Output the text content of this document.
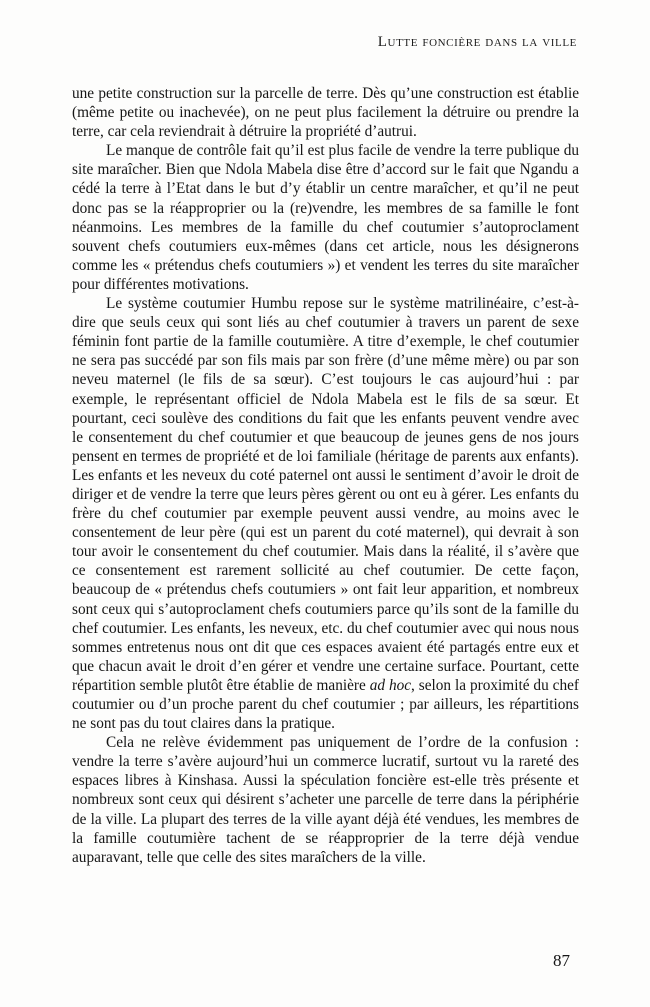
Lutte foncière dans la ville

une petite construction sur la parcelle de terre. Dès qu’une construction est établie (même petite ou inachevée), on ne peut plus facilement la détruire ou prendre la terre, car cela reviendrait à détruire la propriété d’autrui.

Le manque de contrôle fait qu’il est plus facile de vendre la terre publique du site maraîcher. Bien que Ndola Mabela dise être d’accord sur le fait que Ngandu a cédé la terre à l’Etat dans le but d’y établir un centre maraîcher, et qu’il ne peut donc pas se la réapproprier ou la (re)vendre, les membres de sa famille le font néanmoins. Les membres de la famille du chef coutumier s’autoproclament souvent chefs coutumiers eux-mêmes (dans cet article, nous les désignerons comme les « prétendus chefs coutumiers ») et vendent les terres du site maraîcher pour différentes motivations.

Le système coutumier Humbu repose sur le système matrilinéaire, c’est-à-dire que seuls ceux qui sont liés au chef coutumier à travers un parent de sexe féminin font partie de la famille coutumière. A titre d’exemple, le chef coutumier ne sera pas succédé par son fils mais par son frère (d’une même mère) ou par son neveu maternel (le fils de sa sœur). C’est toujours le cas aujourd’hui : par exemple, le représentant officiel de Ndola Mabela est le fils de sa sœur. Et pourtant, ceci soulève des conditions du fait que les enfants peuvent vendre avec le consentement du chef coutumier et que beaucoup de jeunes gens de nos jours pensent en termes de propriété et de loi familiale (héritage de parents aux enfants). Les enfants et les neveux du coté paternel ont aussi le sentiment d’avoir le droit de diriger et de vendre la terre que leurs pères gèrent ou ont eu à gérer. Les enfants du frère du chef coutumier par exemple peuvent aussi vendre, au moins avec le consentement de leur père (qui est un parent du coté maternel), qui devrait à son tour avoir le consentement du chef coutumier. Mais dans la réalité, il s’avère que ce consentement est rarement sollicité au chef coutumier. De cette façon, beaucoup de « prétendus chefs coutumiers » ont fait leur apparition, et nombreux sont ceux qui s’autoproclament chefs coutumiers parce qu’ils sont de la famille du chef coutumier. Les enfants, les neveux, etc. du chef coutumier avec qui nous nous sommes entretenus nous ont dit que ces espaces avaient été partagés entre eux et que chacun avait le droit d’en gérer et vendre une certaine surface. Pourtant, cette répartition semble plutôt être établie de manière ad hoc, selon la proximité du chef coutumier ou d’un proche parent du chef coutumier ; par ailleurs, les répartitions ne sont pas du tout claires dans la pratique.

Cela ne relève évidemment pas uniquement de l’ordre de la confusion : vendre la terre s’avère aujourd’hui un commerce lucratif, surtout vu la rareté des espaces libres à Kinshasa. Aussi la spéculation foncière est-elle très présente et nombreux sont ceux qui désirent s’acheter une parcelle de terre dans la périphérie de la ville. La plupart des terres de la ville ayant déjà été vendues, les membres de la famille coutumière tachent de se réapproprier de la terre déjà vendue auparavant, telle que celle des sites maraîchers de la ville.

87
